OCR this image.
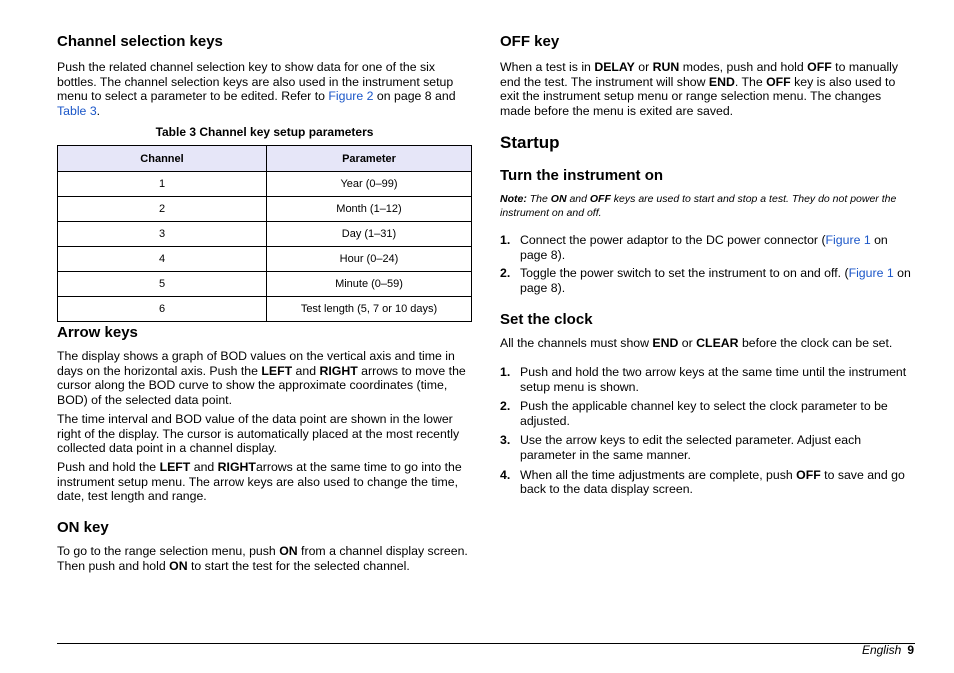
Channel selection keys
Push the related channel selection key to show data for one of the six bottles. The channel selection keys are also used in the instrument setup menu to select a parameter to be edited. Refer to Figure 2 on page 8 and Table 3.
Table 3 Channel key setup parameters
Channel	Parameter
1	Year (0–99)
2	Month (1–12)
3	Day (1–31)
4	Hour (0–24)
5	Minute (0–59)
6	Test length (5, 7 or 10 days)
Arrow keys
The display shows a graph of BOD values on the vertical axis and time in days on the horizontal axis. Push the LEFT and RIGHT arrows to move the cursor along the BOD curve to show the approximate coordinates (time, BOD) of the selected data point.
The time interval and BOD value of the data point are shown in the lower right of the display. The cursor is automatically placed at the most recently collected data point in a channel display.
Push and hold the LEFT and RIGHTarrows at the same time to go into the instrument setup menu. The arrow keys are also used to change the time, date, test length and range.
ON key
To go to the range selection menu, push ON from a channel display screen. Then push and hold ON to start the test for the selected channel.
OFF key
When a test is in DELAY or RUN modes, push and hold OFF to manually end the test. The instrument will show END. The OFF key is also used to exit the instrument setup menu or range selection menu. The changes made before the menu is exited are saved.
Startup
Turn the instrument on
Note: The ON and OFF keys are used to start and stop a test. They do not power the instrument on and off.
1. Connect the power adaptor to the DC power connector (Figure 1 on page 8).
2. Toggle the power switch to set the instrument to on and off. (Figure 1 on page 8).
Set the clock
All the channels must show END or CLEAR before the clock can be set.
1. Push and hold the two arrow keys at the same time until the instrument setup menu is shown.
2. Push the applicable channel key to select the clock parameter to be adjusted.
3. Use the arrow keys to edit the selected parameter. Adjust each parameter in the same manner.
4. When all the time adjustments are complete, push OFF to save and go back to the data display screen.
English 9
